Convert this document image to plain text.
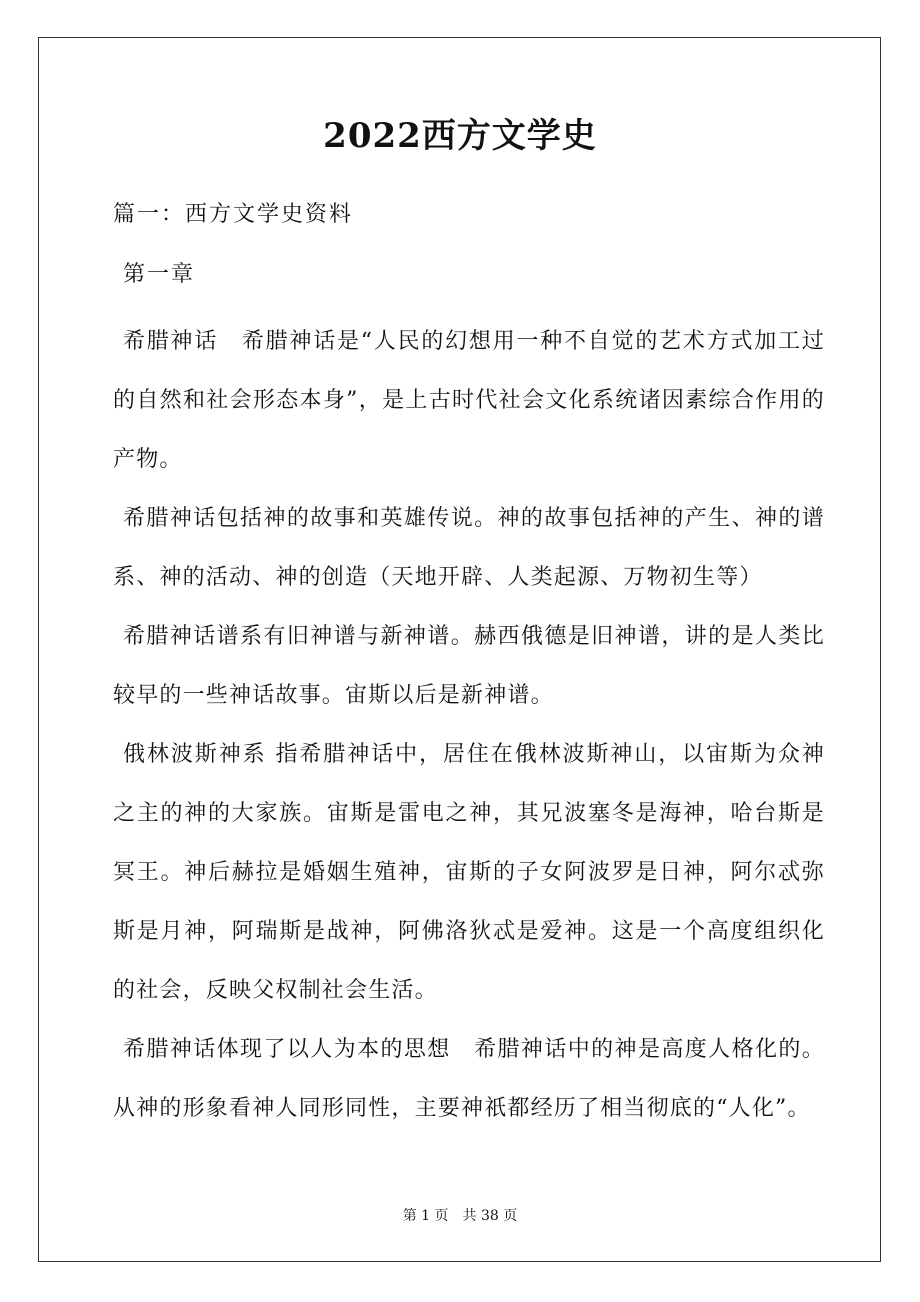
2022西方文学史
篇一：西方文学史资料
第一章

希腊神话　希腊神话是“人民的幻想用一种不自觉的艺术方式加工过的自然和社会形态本身”，是上古时代社会文化系统诸因素综合作用的产物。

希腊神话包括神的故事和英雄传说。神的故事包括神的产生、神的谱系、神的活动、神的创造（天地开辟、人类起源、万物初生等）

希腊神话谱系有旧神谱与新神谱。赫西俄德是旧神谱，讲的是人类比较早的一些神话故事。宙斯以后是新神谱。

俄林波斯神系 指希腊神话中，居住在俄林波斯神山，以宙斯为众神之主的神的大家族。宙斯是雷电之神，其兄波塞冬是海神，哈台斯是冥王。神后赫拉是婚姻生殖神，宙斯的子女阿波罗是日神，阿尔忒弥斯是月神，阿瑞斯是战神，阿佛洛狄忒是爱神。这是一个高度组织化的社会，反映父权制社会生活。

希腊神话体现了以人为本的思想　希腊神话中的神是高度人格化的。从神的形象看神人同形同性，主要神祇都经历了相当彻底的“人化”。

第 1 页　共 38 页
